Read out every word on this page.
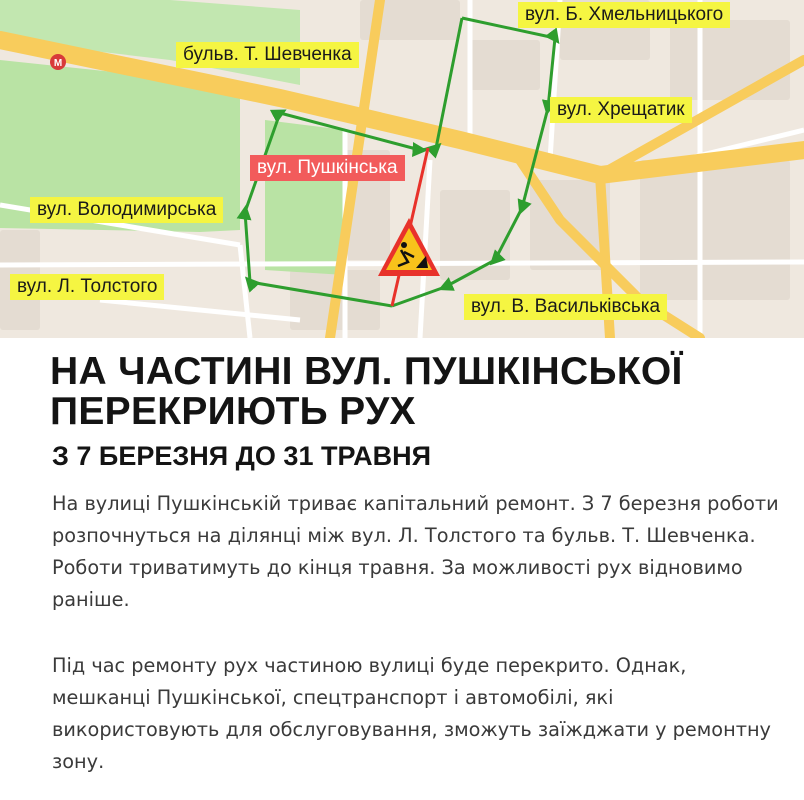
M
вул. Б. Хмельницького
бульв. Т. Шевченка
вул. Хрещатик
вул. Пушкінська
вул. Володимирська
вул. Л. Толстого
вул. В. Васильківська
НА ЧАСТИНІ ВУЛ. ПУШКІНСЬКОЇ ПЕРЕКРИЮТЬ РУХ
З 7 БЕРЕЗНЯ ДО 31 ТРАВНЯ

На вулиці Пушкінській триває капітальний ремонт. З 7 березня роботи розпочнуться на ділянці між вул. Л. Толстого та бульв. Т. Шевченка. Роботи триватимуть до кінця травня. За можливості рух відновимо раніше.

Під час ремонту рух частиною вулиці буде перекрито. Однак, мешканці Пушкінської, спецтранспорт і автомобілі, які використовують для обслуговування, зможуть заїжджати у ремонтну зону.
